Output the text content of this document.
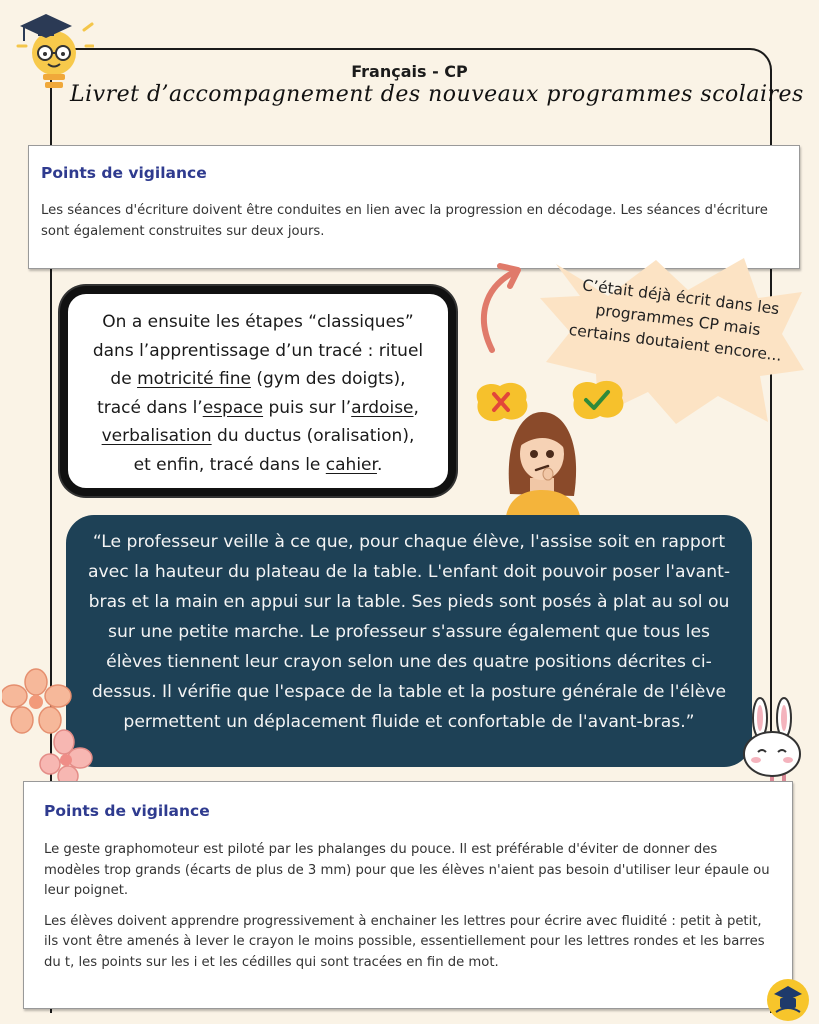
Français - CP
Livret d’accompagnement des nouveaux programmes scolaires
Points de vigilance
Les séances d'écriture doivent être conduites en lien avec la progression en décodage. Les séances d'écriture sont également construites sur deux jours.
On a ensuite les étapes “classiques”
dans l’apprentissage d’un tracé : rituel
de motricité fine (gym des doigts),
tracé dans l’espace puis sur l’ardoise,
verbalisation du ductus (oralisation),
et enfin, tracé dans le cahier.
C’était déjà écrit dans les programmes CP mais certains doutaient encore...
“Le professeur veille à ce que, pour chaque élève, l'assise soit en rapport avec la hauteur du plateau de la table. L'enfant doit pouvoir poser l'avant-bras et la main en appui sur la table. Ses pieds sont posés à plat au sol ou sur une petite marche. Le professeur s'assure également que tous les élèves tiennent leur crayon selon une des quatre positions décrites ci-dessus. Il vérifie que l'espace de la table et la posture générale de l'élève permettent un déplacement fluide et confortable de l'avant-bras.”
Points de vigilance

Le geste graphomoteur est piloté par les phalanges du pouce. Il est préférable d'éviter de donner des modèles trop grands (écarts de plus de 3 mm) pour que les élèves n'aient pas besoin d'utiliser leur épaule ou leur poignet.

Les élèves doivent apprendre progressivement à enchainer les lettres pour écrire avec fluidité : petit à petit, ils vont être amenés à lever le crayon le moins possible, essentiellement pour les lettres rondes et les barres du t, les points sur les i et les cédilles qui sont tracées en fin de mot.
